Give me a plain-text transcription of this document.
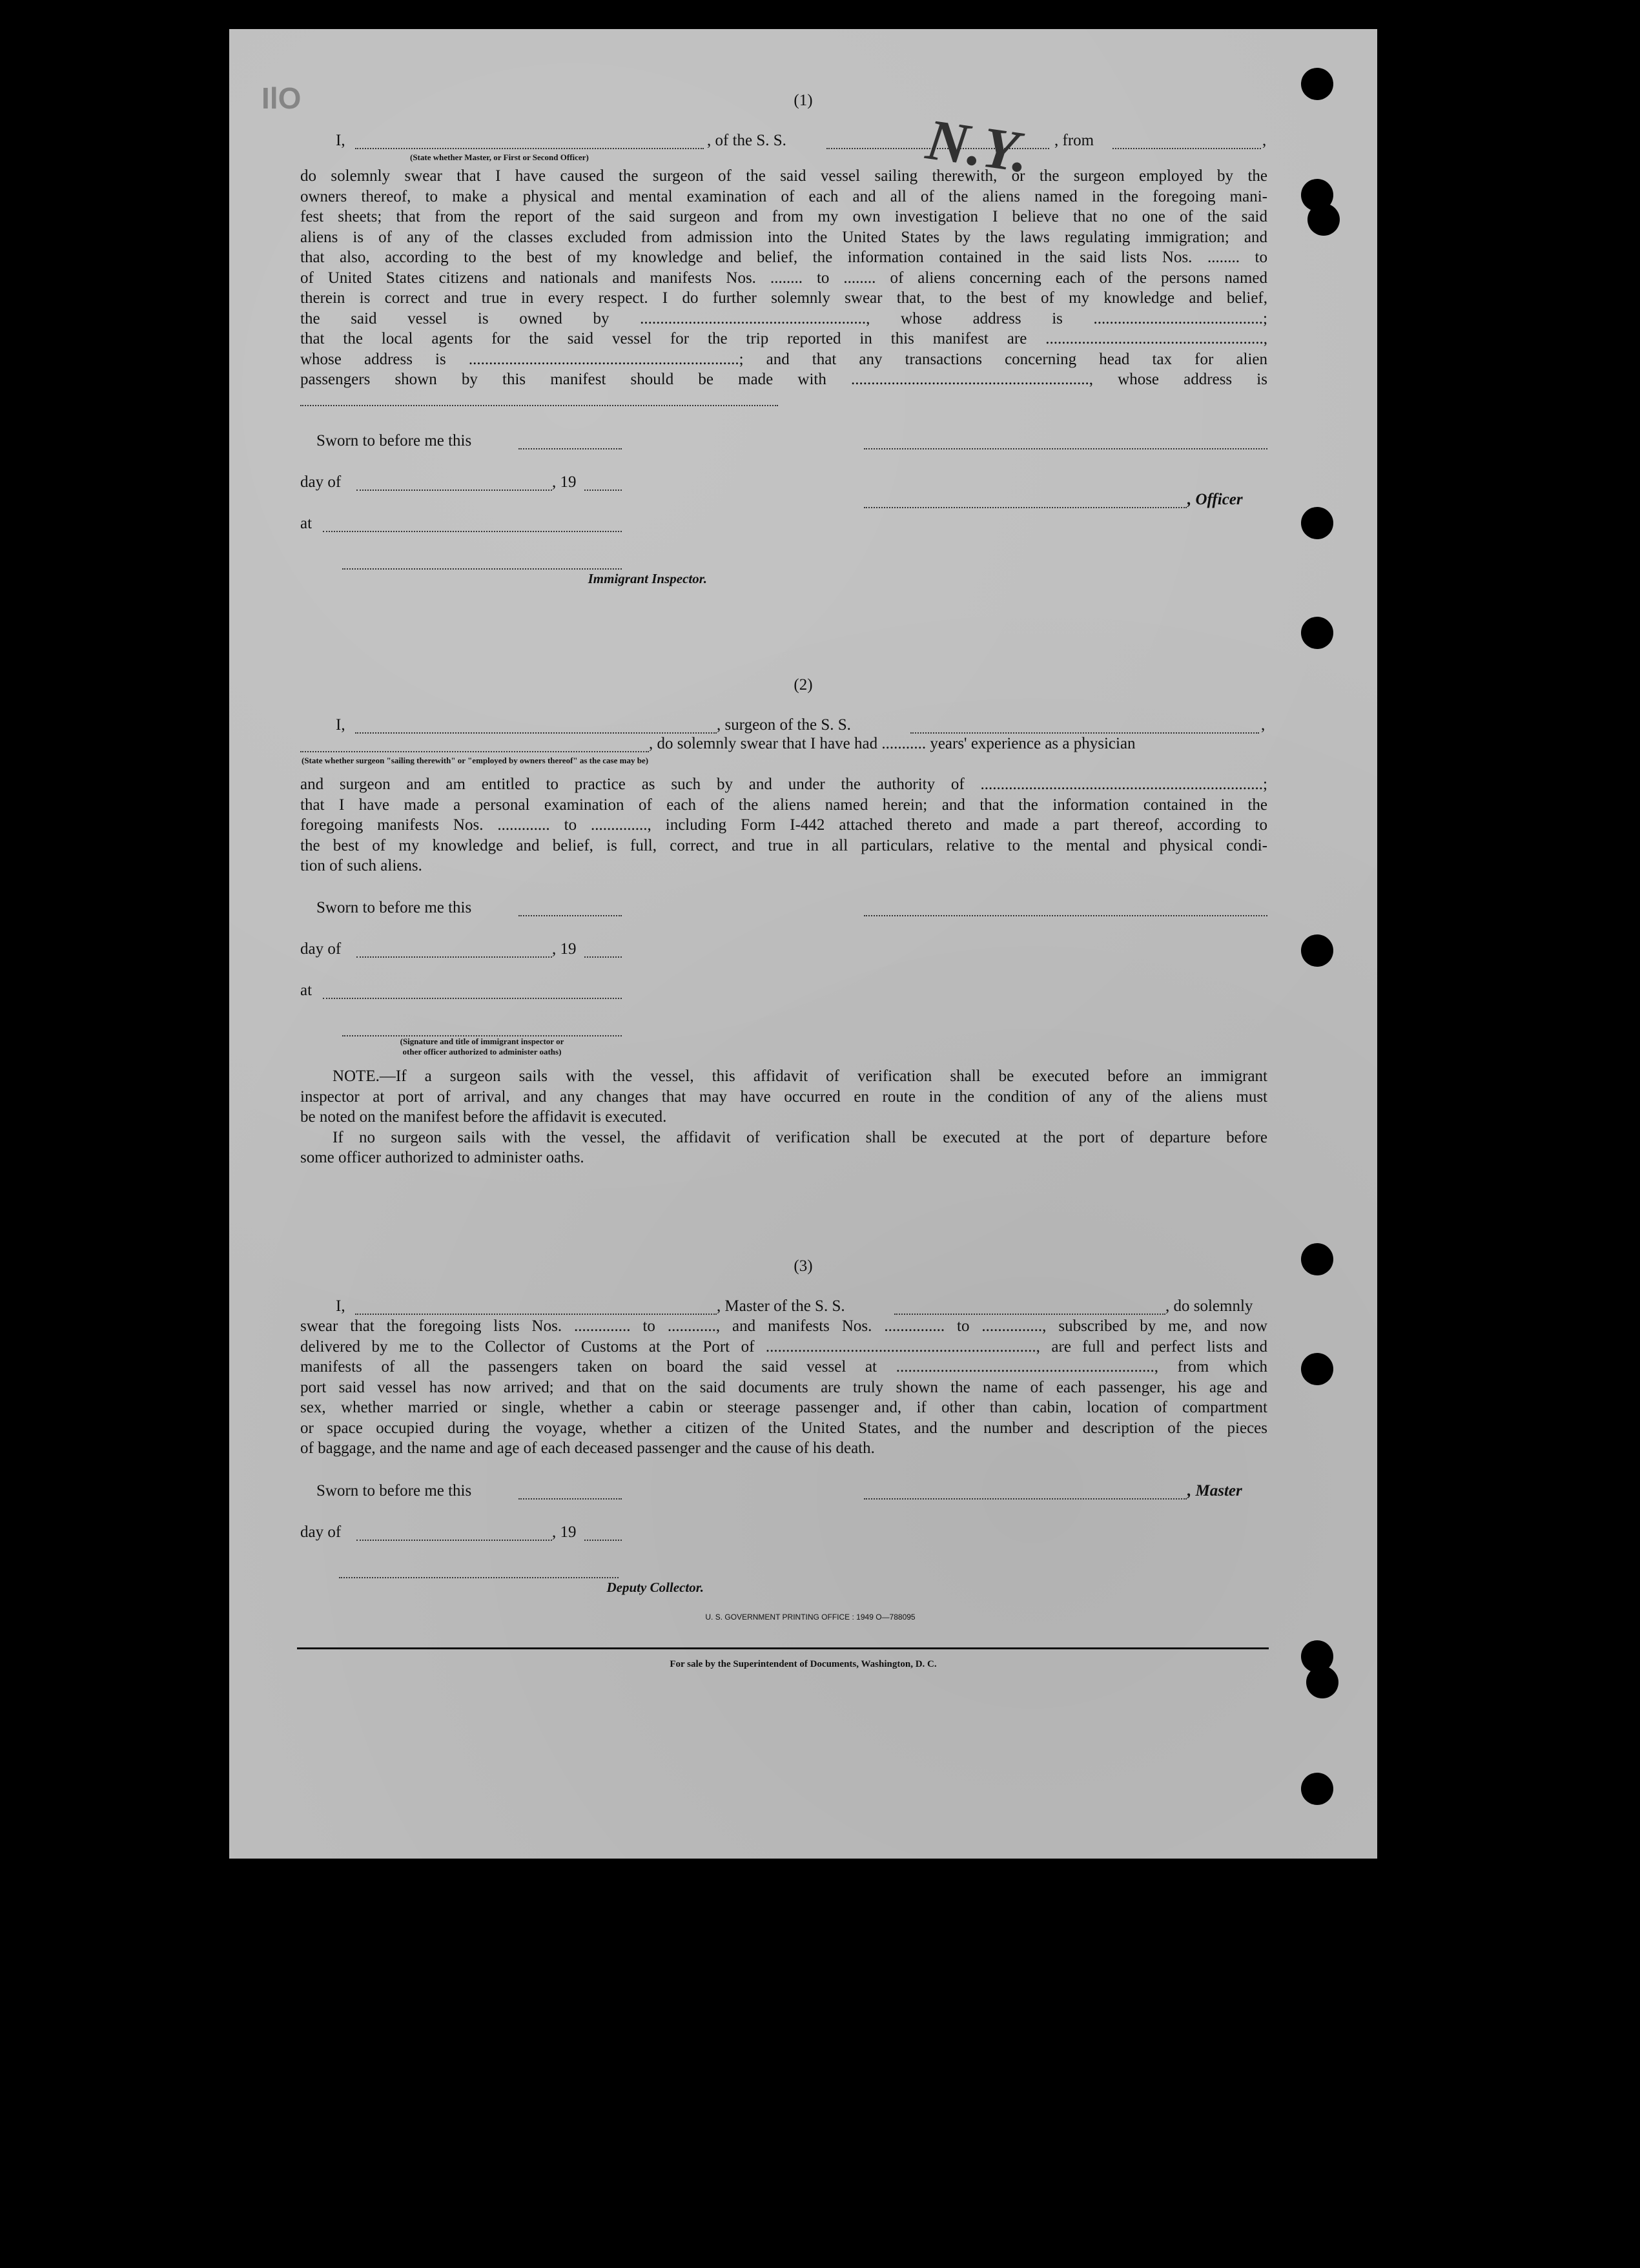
OlI
N.Y.
(1)
I,	, of the S. S.	, from	,
(State whether Master, or First or Second Officer)
do solemnly swear that I have caused the surgeon of the said vessel sailing therewith, or the surgeon employed by the
owners thereof, to make a physical and mental examination of each and all of the aliens named in the foregoing mani-
fest sheets; that from the report of the said surgeon and from my own investigation I believe that no one of the said
aliens is of any of the classes excluded from admission into the United States by the laws regulating immigration; and
that also, according to the best of my knowledge and belief, the information contained in the said lists Nos. ........ to
of United States citizens and nationals and manifests Nos. ........ to ........ of aliens concerning each of the persons named
therein is correct and true in every respect. I do further solemnly swear that, to the best of my knowledge and belief,
the said vessel is owned by ........................................................, whose address is ..........................................;
that the local agents for the said vessel for the trip reported in this manifest are ......................................................,
whose address is ...................................................................; and that any transactions concerning head tax for alien
passengers shown by this manifest should be made with ..........................................................., whose address is
Sworn to before me this
day of	, 19
, Officer
at
Immigrant Inspector.
(2)
I,	, surgeon of the S. S.	,
, do solemnly swear that I have had ........... years' experience as a physician
(State whether surgeon "sailing therewith" or "employed by owners thereof" as the case may be)
and surgeon and am entitled to practice as such by and under the authority of ......................................................................;
that I have made a personal examination of each of the aliens named herein; and that the information contained in the
foregoing manifests Nos. ............. to .............., including Form I-442 attached thereto and made a part thereof, according to
the best of my knowledge and belief, is full, correct, and true in all particulars, relative to the mental and physical condi-
tion of such aliens.
Sworn to before me this
day of	, 19
at
(Signature and title of immigrant inspector or
other officer authorized to administer oaths)
NOTE.—If a surgeon sails with the vessel, this affidavit of verification shall be executed before an immigrant
inspector at port of arrival, and any changes that may have occurred en route in the condition of any of the aliens must
be noted on the manifest before the affidavit is executed.
If no surgeon sails with the vessel, the affidavit of verification shall be executed at the port of departure before
some officer authorized to administer oaths.
(3)
I,	, Master of the S. S.	, do solemnly
swear that the foregoing lists Nos. .............. to ............, and manifests Nos. ............... to ..............., subscribed by me, and now
delivered by me to the Collector of Customs at the Port of ..................................................................., are full and perfect lists and
manifests of all the passengers taken on board the said vessel at ................................................................, from which
port said vessel has now arrived; and that on the said documents are truly shown the name of each passenger, his age and
sex, whether married or single, whether a cabin or steerage passenger and, if other than cabin, location of compartment
or space occupied during the voyage, whether a citizen of the United States, and the number and description of the pieces
of baggage, and the name and age of each deceased passenger and the cause of his death.
Sworn to before me this	, Master
day of	, 19
Deputy Collector.
U. S. GOVERNMENT PRINTING OFFICE : 1949 O—788095
For sale by the Superintendent of Documents, Washington, D. C.
